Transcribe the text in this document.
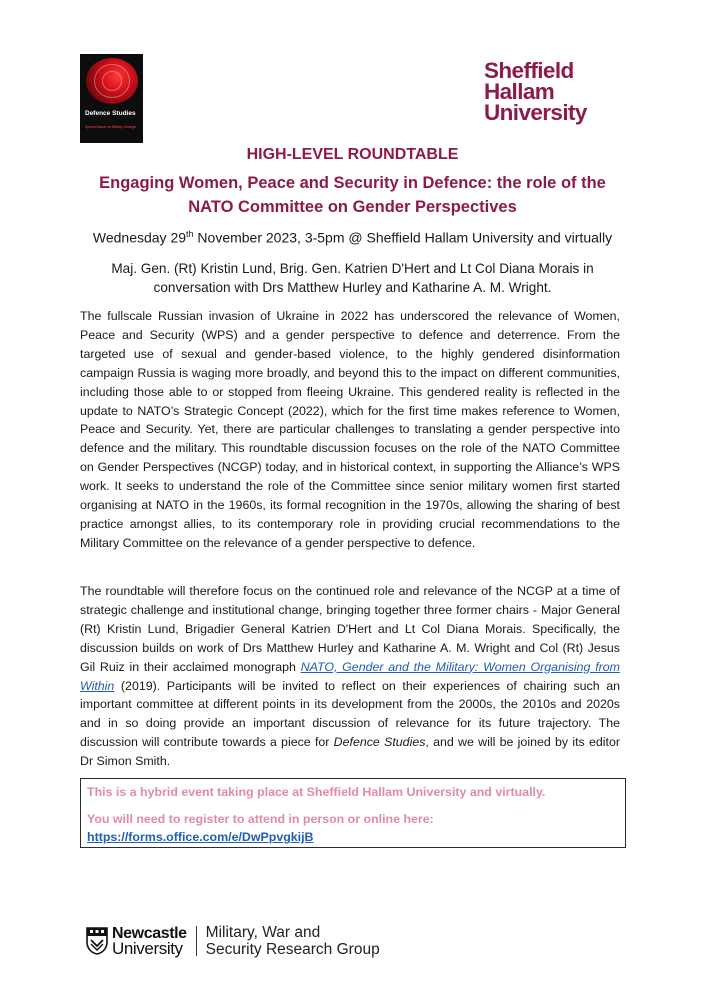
Defence Studies
Special Issue on Military Change
Sheffield
Hallam
University
HIGH-LEVEL ROUNDTABLE
Engaging Women, Peace and Security in Defence: the role of the
NATO Committee on Gender Perspectives
Wednesday 29th November 2023, 3-5pm @ Sheffield Hallam University and virtually
Maj. Gen. (Rt) Kristin Lund, Brig. Gen. Katrien D'Hert and Lt Col Diana Morais in conversation with Drs Matthew Hurley and Katharine A. M. Wright.

The fullscale Russian invasion of Ukraine in 2022 has underscored the relevance of Women, Peace and Security (WPS) and a gender perspective to defence and deterrence. From the targeted use of sexual and gender-based violence, to the highly gendered disinformation campaign Russia is waging more broadly, and beyond this to the impact on different communities, including those able to or stopped from fleeing Ukraine. This gendered reality is reflected in the update to NATO’s Strategic Concept (2022), which for the first time makes reference to Women, Peace and Security. Yet, there are particular challenges to translating a gender perspective into defence and the military. This roundtable discussion focuses on the role of the NATO Committee on Gender Perspectives (NCGP) today, and in historical context, in supporting the Alliance’s WPS work. It seeks to understand the role of the Committee since senior military women first started organising at NATO in the 1960s, its formal recognition in the 1970s, allowing the sharing of best practice amongst allies, to its contemporary role in providing crucial recommendations to the Military Committee on the relevance of a gender perspective to defence.

The roundtable will therefore focus on the continued role and relevance of the NCGP at a time of strategic challenge and institutional change, bringing together three former chairs - Major General (Rt) Kristin Lund, Brigadier General Katrien D'Hert and Lt Col Diana Morais. Specifically, the discussion builds on work of Drs Matthew Hurley and Katharine A. M. Wright and Col (Rt) Jesus Gil Ruiz in their acclaimed monograph NATO, Gender and the Military: Women Organising from Within (2019). Participants will be invited to reflect on their experiences of chairing such an important committee at different points in its development from the 2000s, the 2010s and 2020s and in so doing provide an important discussion of relevance for its future trajectory. The discussion will contribute towards a piece for Defence Studies, and we will be joined by its editor Dr Simon Smith.

This is a hybrid event taking place at Sheffield Hallam University and virtually.
You will need to register to attend in person or online here:
https://forms.office.com/e/DwPpvgkijB
Newcastle
University
Military, War and
Security Research Group
